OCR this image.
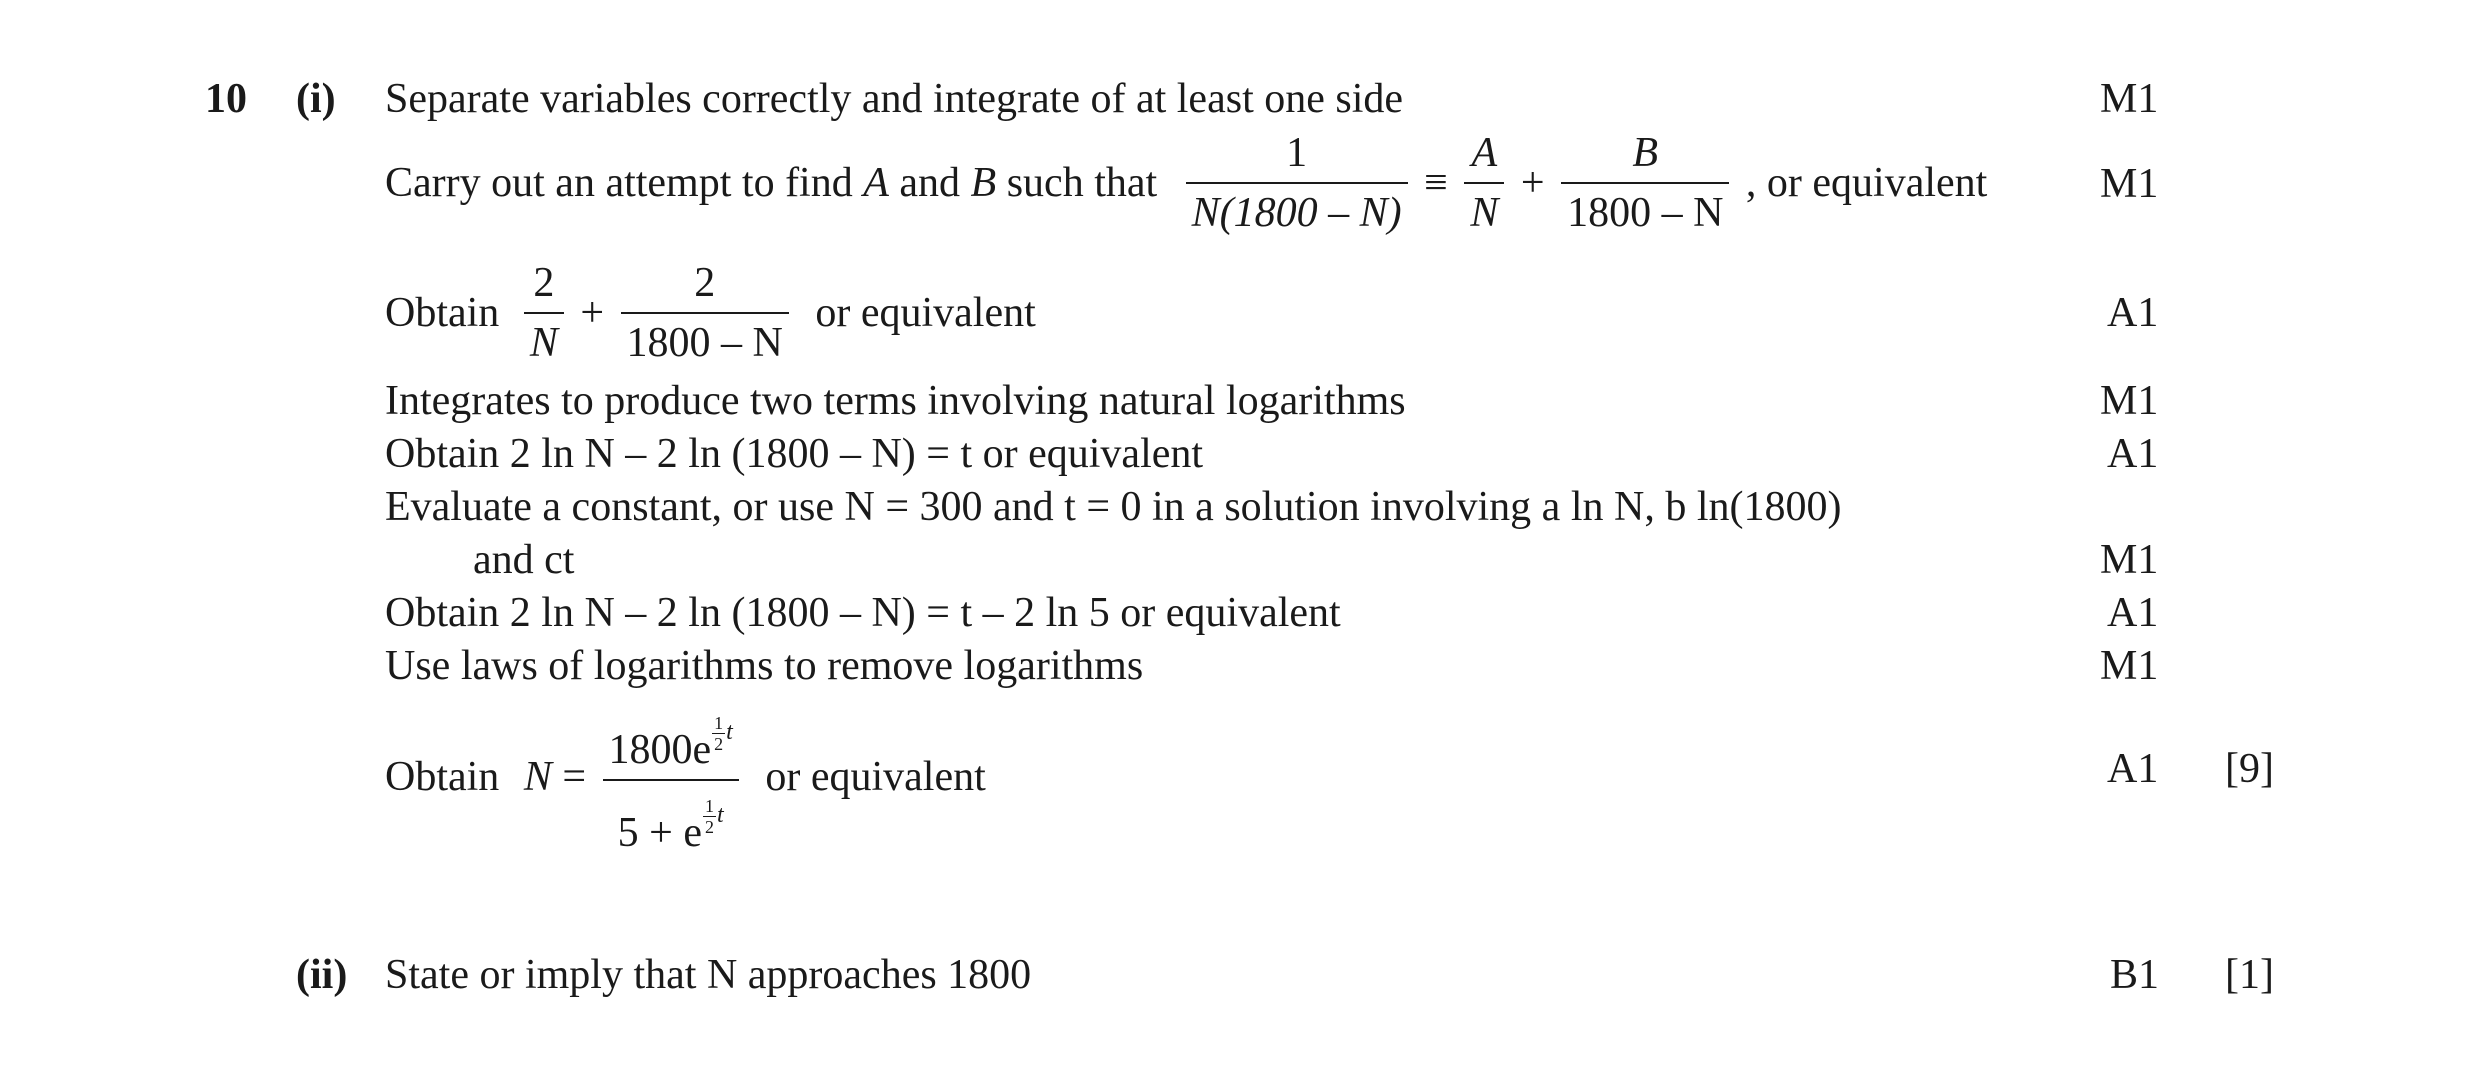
10 (i) Separate variables correctly and integrate of at least one side	M1
Carry out an attempt to find A and B such that $\frac{1}{N(1800 - N)} \equiv \frac{A}{N} + \frac{B}{1800 - N}$ , or equivalent	M1
Obtain $\frac{2}{N} + \frac{2}{1800 - N}$ or equivalent	A1
Integrates to produce two terms involving natural logarithms	M1
Obtain 2 ln N – 2 ln (1800 – N) = t or equivalent	A1
Evaluate a constant, or use N = 300 and t = 0 in a solution involving a ln N, b ln(1800)
and ct	M1
Obtain 2 ln N – 2 ln (1800 – N) = t – 2 ln 5 or equivalent	A1
Use laws of logarithms to remove logarithms	M1
Obtain $N = \frac{1800e \frac{1}{2} t}{5 + e \frac{1}{2} t}$ or equivalent	A1 [9]
(ii) State or imply that N approaches 1800	B1 [1]
